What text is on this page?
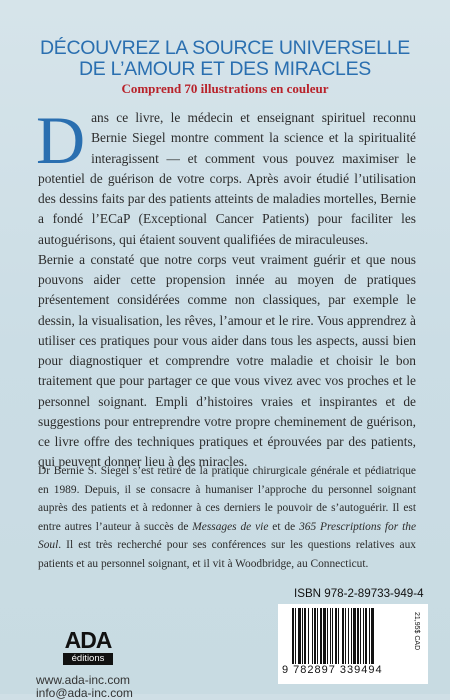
DÉCOUVREZ LA SOURCE UNIVERSELLE
DE L’AMOUR ET DES MIRACLES
Comprend 70 illustrations en couleur
D ans ce livre, le médecin et enseignant spirituel reconnu Bernie Siegel montre comment la science et la spiritualité interagissent — et comment vous pouvez maximiser le potentiel de guérison de votre corps. Après avoir étudié l’utilisation des dessins faits par des patients atteints de maladies mortelles, Bernie a fondé l’ECaP (Exceptional Cancer Patients) pour faciliter les autoguérisons, qui étaient souvent qualifiées de miraculeuses.

Bernie a constaté que notre corps veut vraiment guérir et que nous pouvons aider cette propension innée au moyen de pratiques présentement considérées comme non classiques, par exemple le dessin, la visualisation, les rêves, l’amour et le rire. Vous apprendrez à utiliser ces pratiques pour vous aider dans tous les aspects, aussi bien pour diagnostiquer et comprendre votre maladie et choisir le bon traitement que pour partager ce que vous vivez avec vos proches et le personnel soignant. Empli d’histoires vraies et inspirantes et de suggestions pour entreprendre votre propre cheminement de guérison, ce livre offre des techniques pratiques et éprouvées par des patients, qui peuvent donner lieu à des miracles.

Dr Bernie S. Siegel s’est retiré de la pratique chirurgicale générale et pédiatrique en 1989. Depuis, il se consacre à humaniser l’approche du personnel soignant auprès des patients et à redonner à ces derniers le pouvoir de s’autoguérir. Il est entre autres l’auteur à succès de Messages de vie et de 365 Prescriptions for the Soul. Il est très recherché pour ses conférences sur les questions relatives aux patients et au personnel soignant, et il vit à Woodbridge, au Connecticut.

ISBN 978-2-89733-949-4
9 782897 339494
21,95$ CAD
ADA
éditions
www.ada-inc.com
info@ada-inc.com
